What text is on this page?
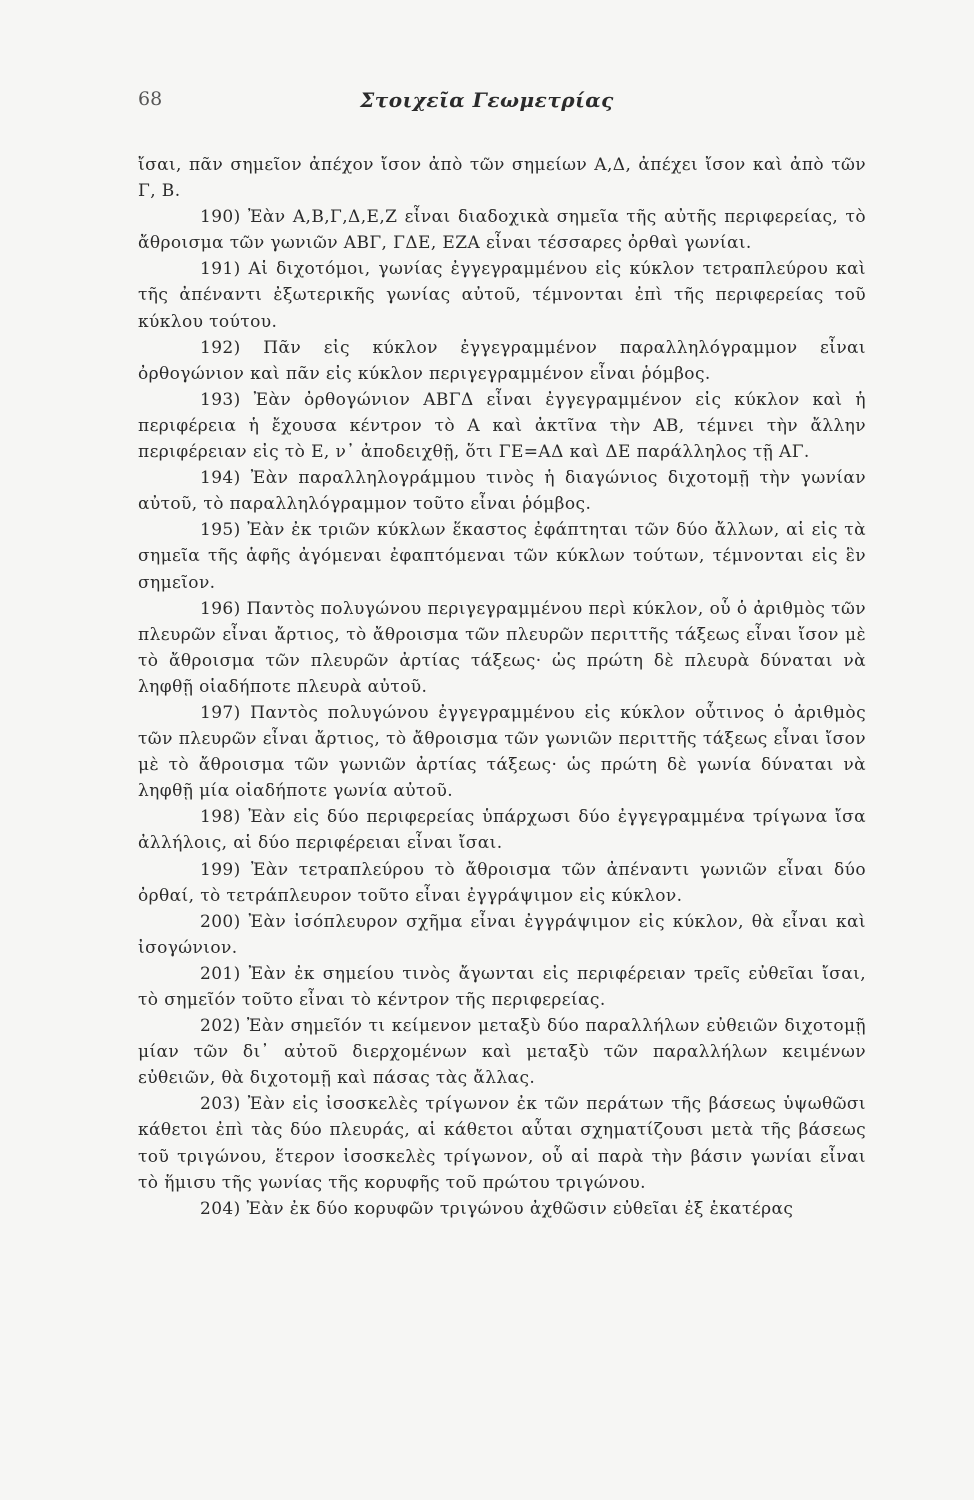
68	Στοιχεῖα Γεωμετρίας

ἴσαι, πᾶν σημεῖον ἀπέχον ἴσον ἀπὸ τῶν σημείων Α,Δ, ἀπέχει ἴσον καὶ ἀπὸ τῶν Γ, Β.

190) Ἐὰν Α,Β,Γ,Δ,Ε,Ζ εἶναι διαδοχικὰ σημεῖα τῆς αὐτῆς περιφερείας, τὸ ἄθροισμα τῶν γωνιῶν ΑΒΓ, ΓΔΕ, ΕΖΑ εἶναι τέσσαρες ὀρθαὶ γωνίαι.

191) Αἱ διχοτόμοι, γωνίας ἐγγεγραμμένου εἰς κύκλον τετραπλεύρου καὶ τῆς ἀπέναντι ἐξωτερικῆς γωνίας αὐτοῦ, τέμνονται ἐπὶ τῆς περιφερείας τοῦ κύκλου τούτου.

192) Πᾶν εἰς κύκλον ἐγγεγραμμένον παραλληλόγραμμον εἶναι ὀρθογώνιον καὶ πᾶν εἰς κύκλον περιγεγραμμένον εἶναι ῥόμβος.

193) Ἐὰν ὀρθογώνιον ΑΒΓΔ εἶναι ἐγγεγραμμένον εἰς κύκλον καὶ ἡ περιφέρεια ἡ ἔχουσα κέντρον τὸ Α καὶ ἀκτῖνα τὴν ΑΒ, τέμνει τὴν ἄλλην περιφέρειαν εἰς τὸ Ε, ν᾿ ἀποδειχθῇ, ὅτι ΓΕ=ΑΔ καὶ ΔΕ παράλληλος τῇ ΑΓ.

194) Ἐὰν παραλληλογράμμου τινὸς ἡ διαγώνιος διχοτομῇ τὴν γωνίαν αὐτοῦ, τὸ παραλληλόγραμμον τοῦτο εἶναι ῥόμβος.

195) Ἐὰν ἐκ τριῶν κύκλων ἕκαστος ἐφάπτηται τῶν δύο ἄλλων, αἱ εἰς τὰ σημεῖα τῆς ἁφῆς ἀγόμεναι ἐφαπτόμεναι τῶν κύκλων τούτων, τέμνονται εἰς ἓν σημεῖον.

196) Παντὸς πολυγώνου περιγεγραμμένου περὶ κύκλον, οὗ ὁ ἀριθμὸς τῶν πλευρῶν εἶναι ἄρτιος, τὸ ἄθροισμα τῶν πλευρῶν περιττῆς τάξεως εἶναι ἴσον μὲ τὸ ἄθροισμα τῶν πλευρῶν ἀρτίας τάξεως· ὡς πρώτη δὲ πλευρὰ δύναται νὰ ληφθῇ οἱαδήποτε πλευρὰ αὐτοῦ.

197) Παντὸς πολυγώνου ἐγγεγραμμένου εἰς κύκλον οὗτινος ὁ ἀριθμὸς τῶν πλευρῶν εἶναι ἄρτιος, τὸ ἄθροισμα τῶν γωνιῶν περιττῆς τάξεως εἶναι ἴσον μὲ τὸ ἄθροισμα τῶν γωνιῶν ἀρτίας τάξεως· ὡς πρώτη δὲ γωνία δύναται νὰ ληφθῇ μία οἱαδήποτε γωνία αὐτοῦ.

198) Ἐὰν εἰς δύο περιφερείας ὑπάρχωσι δύο ἐγγεγραμμένα τρίγωνα ἴσα ἀλλήλοις, αἱ δύο περιφέρειαι εἶναι ἴσαι.

199) Ἐὰν τετραπλεύρου τὸ ἄθροισμα τῶν ἀπέναντι γωνιῶν εἶναι δύο ὀρθαί, τὸ τετράπλευρον τοῦτο εἶναι ἐγγράψιμον εἰς κύκλον.

200) Ἐὰν ἰσόπλευρον σχῆμα εἶναι ἐγγράψιμον εἰς κύκλον, θὰ εἶναι καὶ ἰσογώνιον.

201) Ἐὰν ἐκ σημείου τινὸς ἄγωνται εἰς περιφέρειαν τρεῖς εὐθεῖαι ἴσαι, τὸ σημεῖόν τοῦτο εἶναι τὸ κέντρον τῆς περιφερείας.

202) Ἐὰν σημεῖόν τι κείμενον μεταξὺ δύο παραλλήλων εὐθειῶν διχοτομῇ μίαν τῶν δι᾿ αὐτοῦ διερχομένων καὶ μεταξὺ τῶν παραλλήλων κειμένων εὐθειῶν, θὰ διχοτομῇ καὶ πάσας τὰς ἄλλας.

203) Ἐὰν εἰς ἰσοσκελὲς τρίγωνον ἐκ τῶν περάτων τῆς βάσεως ὑψωθῶσι κάθετοι ἐπὶ τὰς δύο πλευράς, αἱ κάθετοι αὗται σχηματίζουσι μετὰ τῆς βάσεως τοῦ τριγώνου, ἕτερον ἰσοσκελὲς τρίγωνον, οὗ αἱ παρὰ τὴν βάσιν γωνίαι εἶναι τὸ ἥμισυ τῆς γωνίας τῆς κορυφῆς τοῦ πρώτου τριγώνου.

204) Ἐὰν ἐκ δύο κορυφῶν τριγώνου ἀχθῶσιν εὐθεῖαι ἐξ ἑκατέρας
